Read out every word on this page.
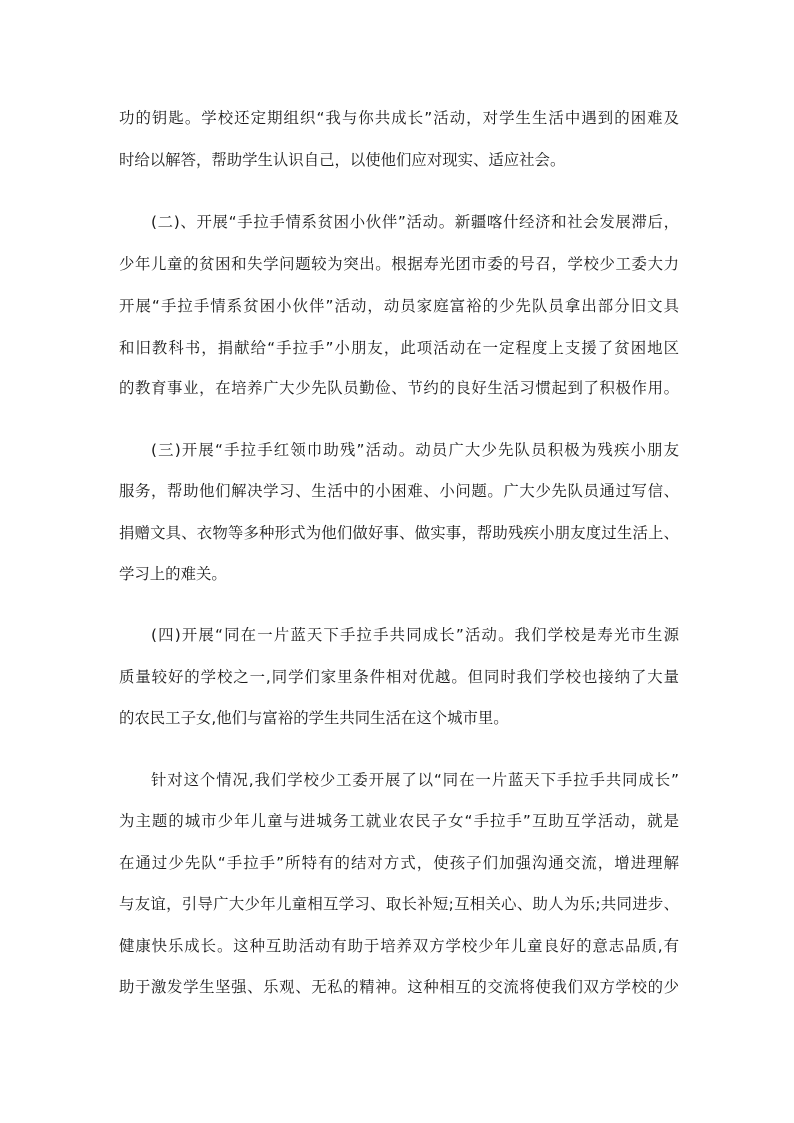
功的钥匙。学校还定期组织“我与你共成长”活动，对学生生活中遇到的困难及
时给以解答，帮助学生认识自己，以使他们应对现实、适应社会。
(二)、开展“手拉手情系贫困小伙伴”活动。新疆喀什经济和社会发展滞后，
少年儿童的贫困和失学问题较为突出。根据寿光团市委的号召，学校少工委大力
开展“手拉手情系贫困小伙伴”活动，动员家庭富裕的少先队员拿出部分旧文具
和旧教科书，捐献给“手拉手”小朋友，此项活动在一定程度上支援了贫困地区
的教育事业，在培养广大少先队员勤俭、节约的良好生活习惯起到了积极作用。
(三)开展“手拉手红领巾助残”活动。动员广大少先队员积极为残疾小朋友
服务，帮助他们解决学习、生活中的小困难、小问题。广大少先队员通过写信、
捐赠文具、衣物等多种形式为他们做好事、做实事，帮助残疾小朋友度过生活上、
学习上的难关。
(四)开展“同在一片蓝天下手拉手共同成长”活动。我们学校是寿光市生源
质量较好的学校之一,同学们家里条件相对优越。但同时我们学校也接纳了大量
的农民工子女,他们与富裕的学生共同生活在这个城市里。
针对这个情况,我们学校少工委开展了以“同在一片蓝天下手拉手共同成长”
为主题的城市少年儿童与进城务工就业农民子女“手拉手”互助互学活动，就是
在通过少先队“手拉手”所特有的结对方式，使孩子们加强沟通交流，增进理解
与友谊，引导广大少年儿童相互学习、取长补短;互相关心、助人为乐;共同进步、
健康快乐成长。这种互助活动有助于培养双方学校少年儿童良好的意志品质,有
助于激发学生坚强、乐观、无私的精神。这种相互的交流将使我们双方学校的少
